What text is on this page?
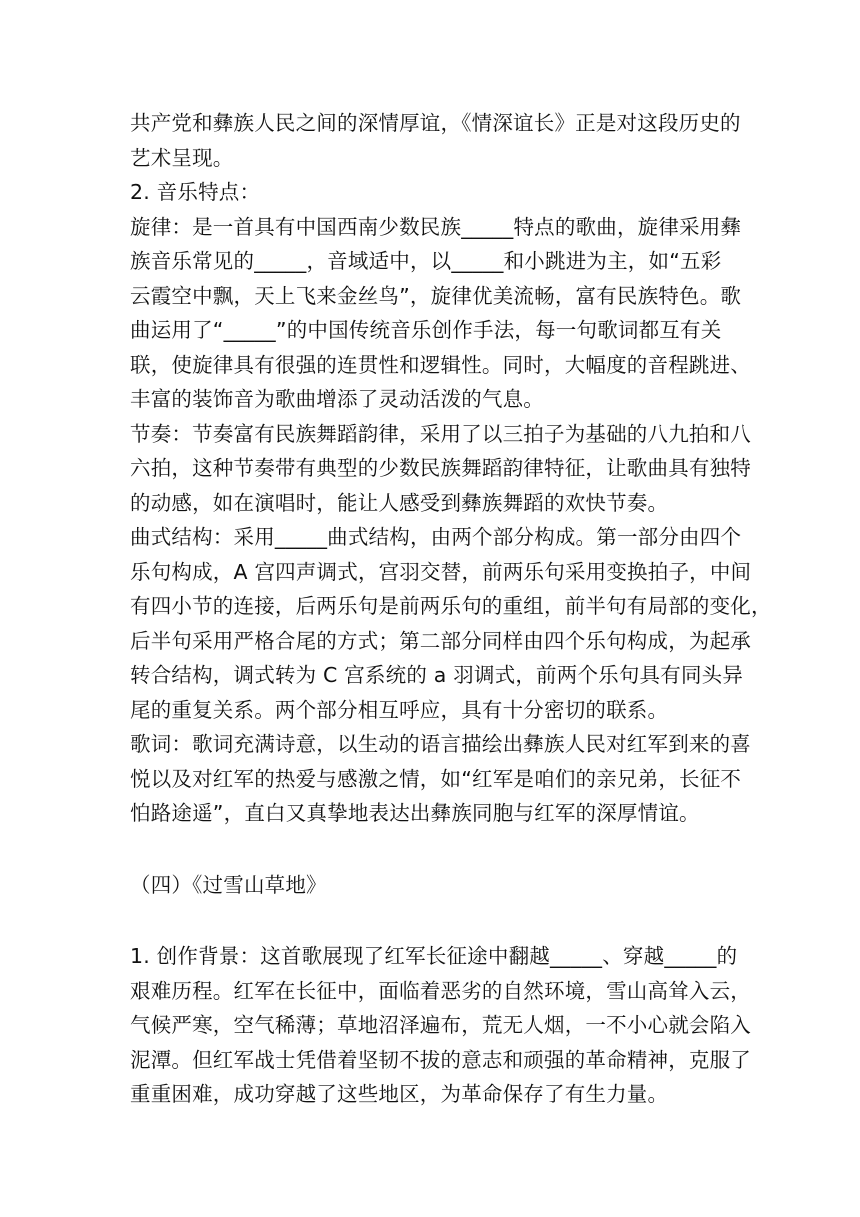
共产党和彝族人民之间的深情厚谊，《情深谊长》正是对这段历史的
艺术呈现。
2. 音乐特点：
旋律：是一首具有中国西南少数民族_____特点的歌曲，旋律采用彝
族音乐常见的_____，音域适中，以_____和小跳进为主，如“五彩
云霞空中飘，天上飞来金丝鸟”，旋律优美流畅，富有民族特色。歌
曲运用了“_____”的中国传统音乐创作手法，每一句歌词都互有关
联，使旋律具有很强的连贯性和逻辑性。同时，大幅度的音程跳进、
丰富的装饰音为歌曲增添了灵动活泼的气息。
节奏：节奏富有民族舞蹈韵律，采用了以三拍子为基础的八九拍和八
六拍，这种节奏带有典型的少数民族舞蹈韵律特征，让歌曲具有独特
的动感，如在演唱时，能让人感受到彝族舞蹈的欢快节奏。
曲式结构：采用_____曲式结构，由两个部分构成。第一部分由四个
乐句构成，A 宫四声调式，宫羽交替，前两乐句采用变换拍子，中间
有四小节的连接，后两乐句是前两乐句的重组，前半句有局部的变化，
后半句采用严格合尾的方式；第二部分同样由四个乐句构成，为起承
转合结构，调式转为 C 宫系统的 a 羽调式，前两个乐句具有同头异
尾的重复关系。两个部分相互呼应，具有十分密切的联系。
歌词：歌词充满诗意，以生动的语言描绘出彝族人民对红军到来的喜
悦以及对红军的热爱与感激之情，如“红军是咱们的亲兄弟，长征不
怕路途遥”，直白又真挚地表达出彝族同胞与红军的深厚情谊。
（四）《过雪山草地》
1. 创作背景：这首歌展现了红军长征途中翻越_____、穿越_____的
艰难历程。红军在长征中，面临着恶劣的自然环境，雪山高耸入云，
气候严寒，空气稀薄；草地沼泽遍布，荒无人烟，一不小心就会陷入
泥潭。但红军战士凭借着坚韧不拔的意志和顽强的革命精神，克服了
重重困难，成功穿越了这些地区，为革命保存了有生力量。
